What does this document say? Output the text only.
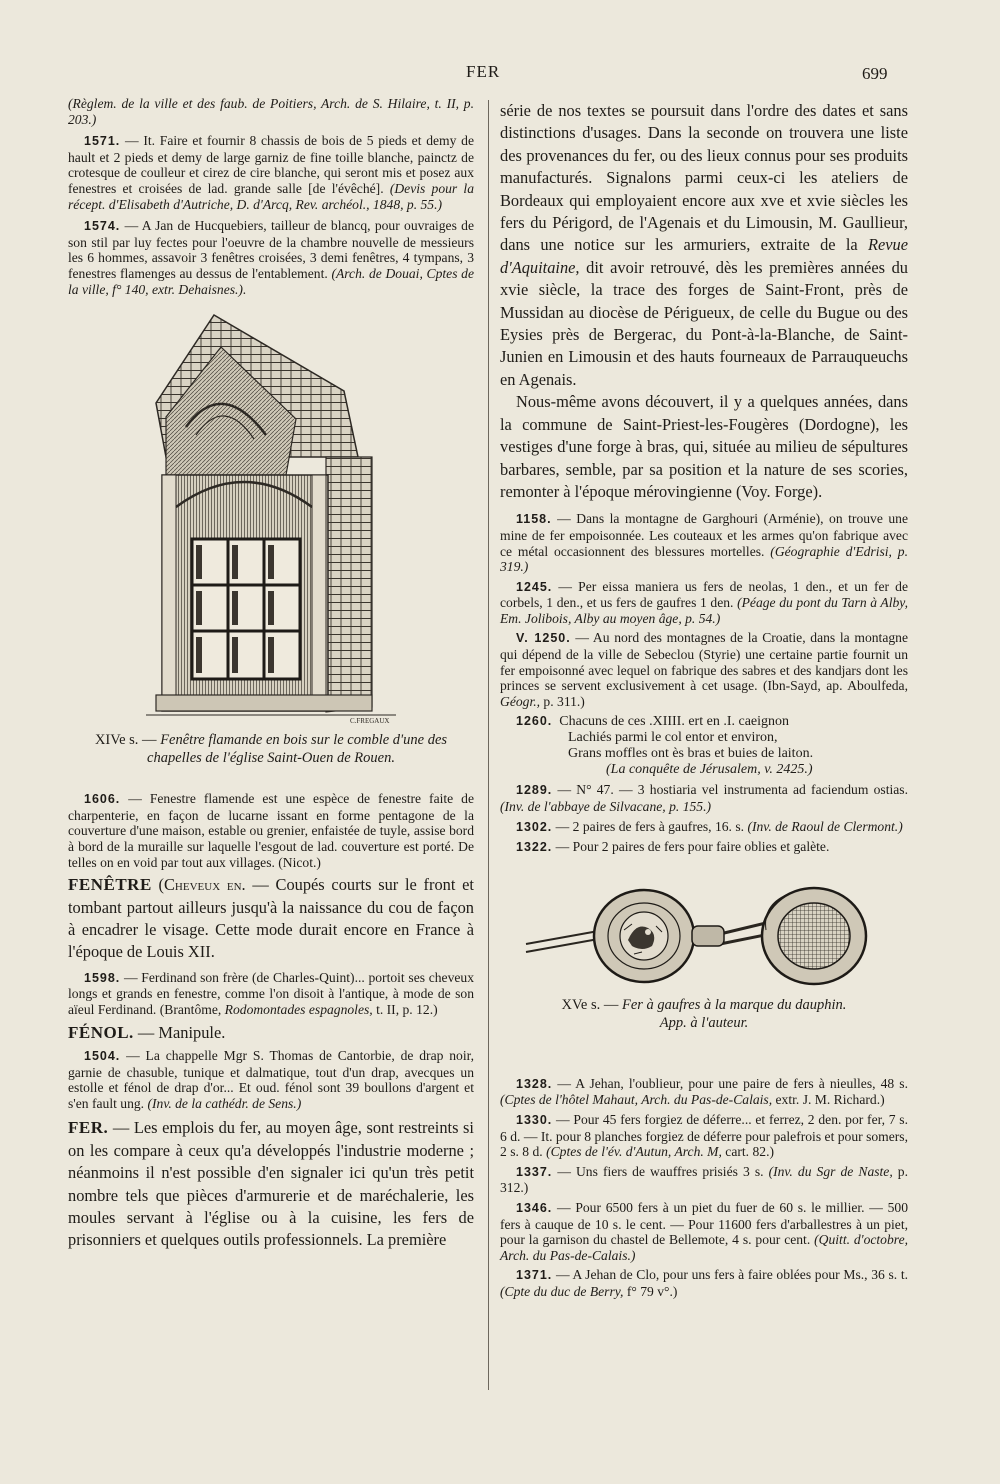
FER	699

(Règlem. de la ville et des faub. de Poitiers, Arch. de S. Hilaire, t. II, p. 203.)

1571. — It. Faire et fournir 8 chassis de bois de 5 pieds et demy de hault et 2 pieds et demy de large garniz de fine toille blanche, painctz de crotesque de coulleur et cirez de cire blanche, qui seront mis et posez aux fenestres et croisées de lad. grande salle [de l'évêché]. (Devis pour la récept. d'Elisabeth d'Autriche, D. d'Arcq, Rev. archéol., 1848, p. 55.)

1574. — A Jan de Hucquebiers, tailleur de blancq, pour ouvraiges de son stil par luy fectes pour l'oeuvre de la chambre nouvelle de messieurs les 6 hommes, assavoir 3 fenêtres croisées, 3 demi fenêtres, 4 tympans, 3 fenestres flamenges au dessus de l'entablement. (Arch. de Douai, Cptes de la ville, f° 140, extr. Dehaisnes.).

C.FREGAUX
XIVe s. — Fenêtre flamande en bois sur le comble d'une des chapelles de l'église Saint-Ouen de Rouen.

1606. — Fenestre flamende est une espèce de fenestre faite de charpenterie, en façon de lucarne issant en forme pentagone de la couverture d'une maison, estable ou grenier, enfaistée de tuyle, assise bord à bord de la muraille sur laquelle l'esgout de lad. couverture est porté. De telles on en void par tout aux villages. (Nicot.)

FENÊTRE (Cheveux en. — Coupés courts sur le front et tombant partout ailleurs jusqu'à la naissance du cou de façon à encadrer le visage. Cette mode durait encore en France à l'époque de Louis XII.

1598. — Ferdinand son frère (de Charles-Quint)... portoit ses cheveux longs et grands en fenestre, comme l'on disoit à l'antique, à mode de son aïeul Ferdinand. (Brantôme, Rodomontades espagnoles, t. II, p. 12.)

FÉNOL. — Manipule.

1504. — La chappelle Mgr S. Thomas de Cantorbie, de drap noir, garnie de chasuble, tunique et dalmatique, tout d'un drap, avecques un estolle et fénol de drap d'or... Et oud. fénol sont 39 boullons d'argent et s'en fault ung. (Inv. de la cathédr. de Sens.)

FER. — Les emplois du fer, au moyen âge, sont restreints si on les compare à ceux qu'a développés l'industrie moderne ; néanmoins il n'est possible d'en signaler ici qu'un très petit nombre tels que pièces d'armurerie et de maréchalerie, les moules servant à l'église ou à la cuisine, les fers de prisonniers et quelques outils professionnels. La première

série de nos textes se poursuit dans l'ordre des dates et sans distinctions d'usages. Dans la seconde on trouvera une liste des provenances du fer, ou des lieux connus pour ses produits manufacturés. Signalons parmi ceux-ci les ateliers de Bordeaux qui employaient encore aux xve et xvie siècles les fers du Périgord, de l'Agenais et du Limousin, M. Gaullieur, dans une notice sur les armuriers, extraite de la Revue d'Aquitaine, dit avoir retrouvé, dès les premières années du xvie siècle, la trace des forges de Saint-Front, près de Mussidan au diocèse de Périgueux, de celle du Bugue ou des Eysies près de Bergerac, du Pont-à-la-Blanche, de Saint-Junien en Limousin et des hauts fourneaux de Parrauqueuchs en Agenais.

Nous-même avons découvert, il y a quelques années, dans la commune de Saint-Priest-les-Fougères (Dordogne), les vestiges d'une forge à bras, qui, située au milieu de sépultures barbares, semble, par sa position et la nature de ses scories, remonter à l'époque mérovingienne (Voy. Forge).

1158. — Dans la montagne de Garghouri (Arménie), on trouve une mine de fer empoisonnée. Les couteaux et les armes qu'on fabrique avec ce métal occasionnent des blessures mortelles. (Géographie d'Edrisi, p. 319.)

1245. — Per eissa maniera us fers de neolas, 1 den., et un fer de corbels, 1 den., et us fers de gaufres 1 den. (Péage du pont du Tarn à Alby, Em. Jolibois, Alby au moyen âge, p. 54.)

V. 1250. — Au nord des montagnes de la Croatie, dans la montagne qui dépend de la ville de Sebeclou (Styrie) une certaine partie fournit un fer empoisonné avec lequel on fabrique des sabres et des kandjars dont les princes se servent exclusivement à cet usage. (Ibn-Sayd, ap. Aboulfeda, Géogr., p. 311.)

1260. Chacuns de ces .XIIII. ert en .I. caeignon
Lachiés parmi le col entor et environ,
Grans moffles ont ès bras et buies de laiton.
(La conquête de Jérusalem, v. 2425.)

1289. — N° 47. — 3 hostiaria vel instrumenta ad faciendum ostias. (Inv. de l'abbaye de Silvacane, p. 155.)

1302. — 2 paires de fers à gaufres, 16. s. (Inv. de Raoul de Clermont.)

1322. — Pour 2 paires de fers pour faire oblies et galète.

XVe s. — Fer à gaufres à la marque du dauphin.
App. à l'auteur.

1328. — A Jehan, l'oublieur, pour une paire de fers à nieulles, 48 s. (Cptes de l'hôtel Mahaut, Arch. du Pas-de-Calais, extr. J. M. Richard.)

1330. — Pour 45 fers forgiez de déferre... et ferrez, 2 den. por fer, 7 s. 6 d. — It. pour 8 planches forgiez de déferre pour palefrois et pour somers, 2 s. 8 d. (Cptes de l'év. d'Autun, Arch. M, cart. 82.)

1337. — Uns fiers de wauffres prisiés 3 s. (Inv. du Sgr de Naste, p. 312.)

1346. — Pour 6500 fers à un piet du fuer de 60 s. le millier. — 500 fers à cauque de 10 s. le cent. — Pour 11600 fers d'arballestres à un piet, pour la garnison du chastel de Bellemote, 4 s. pour cent. (Quitt. d'octobre, Arch. du Pas-de-Calais.)

1371. — A Jehan de Clo, pour uns fers à faire oblées pour Ms., 36 s. t. (Cpte du duc de Berry, f° 79 v°.)
